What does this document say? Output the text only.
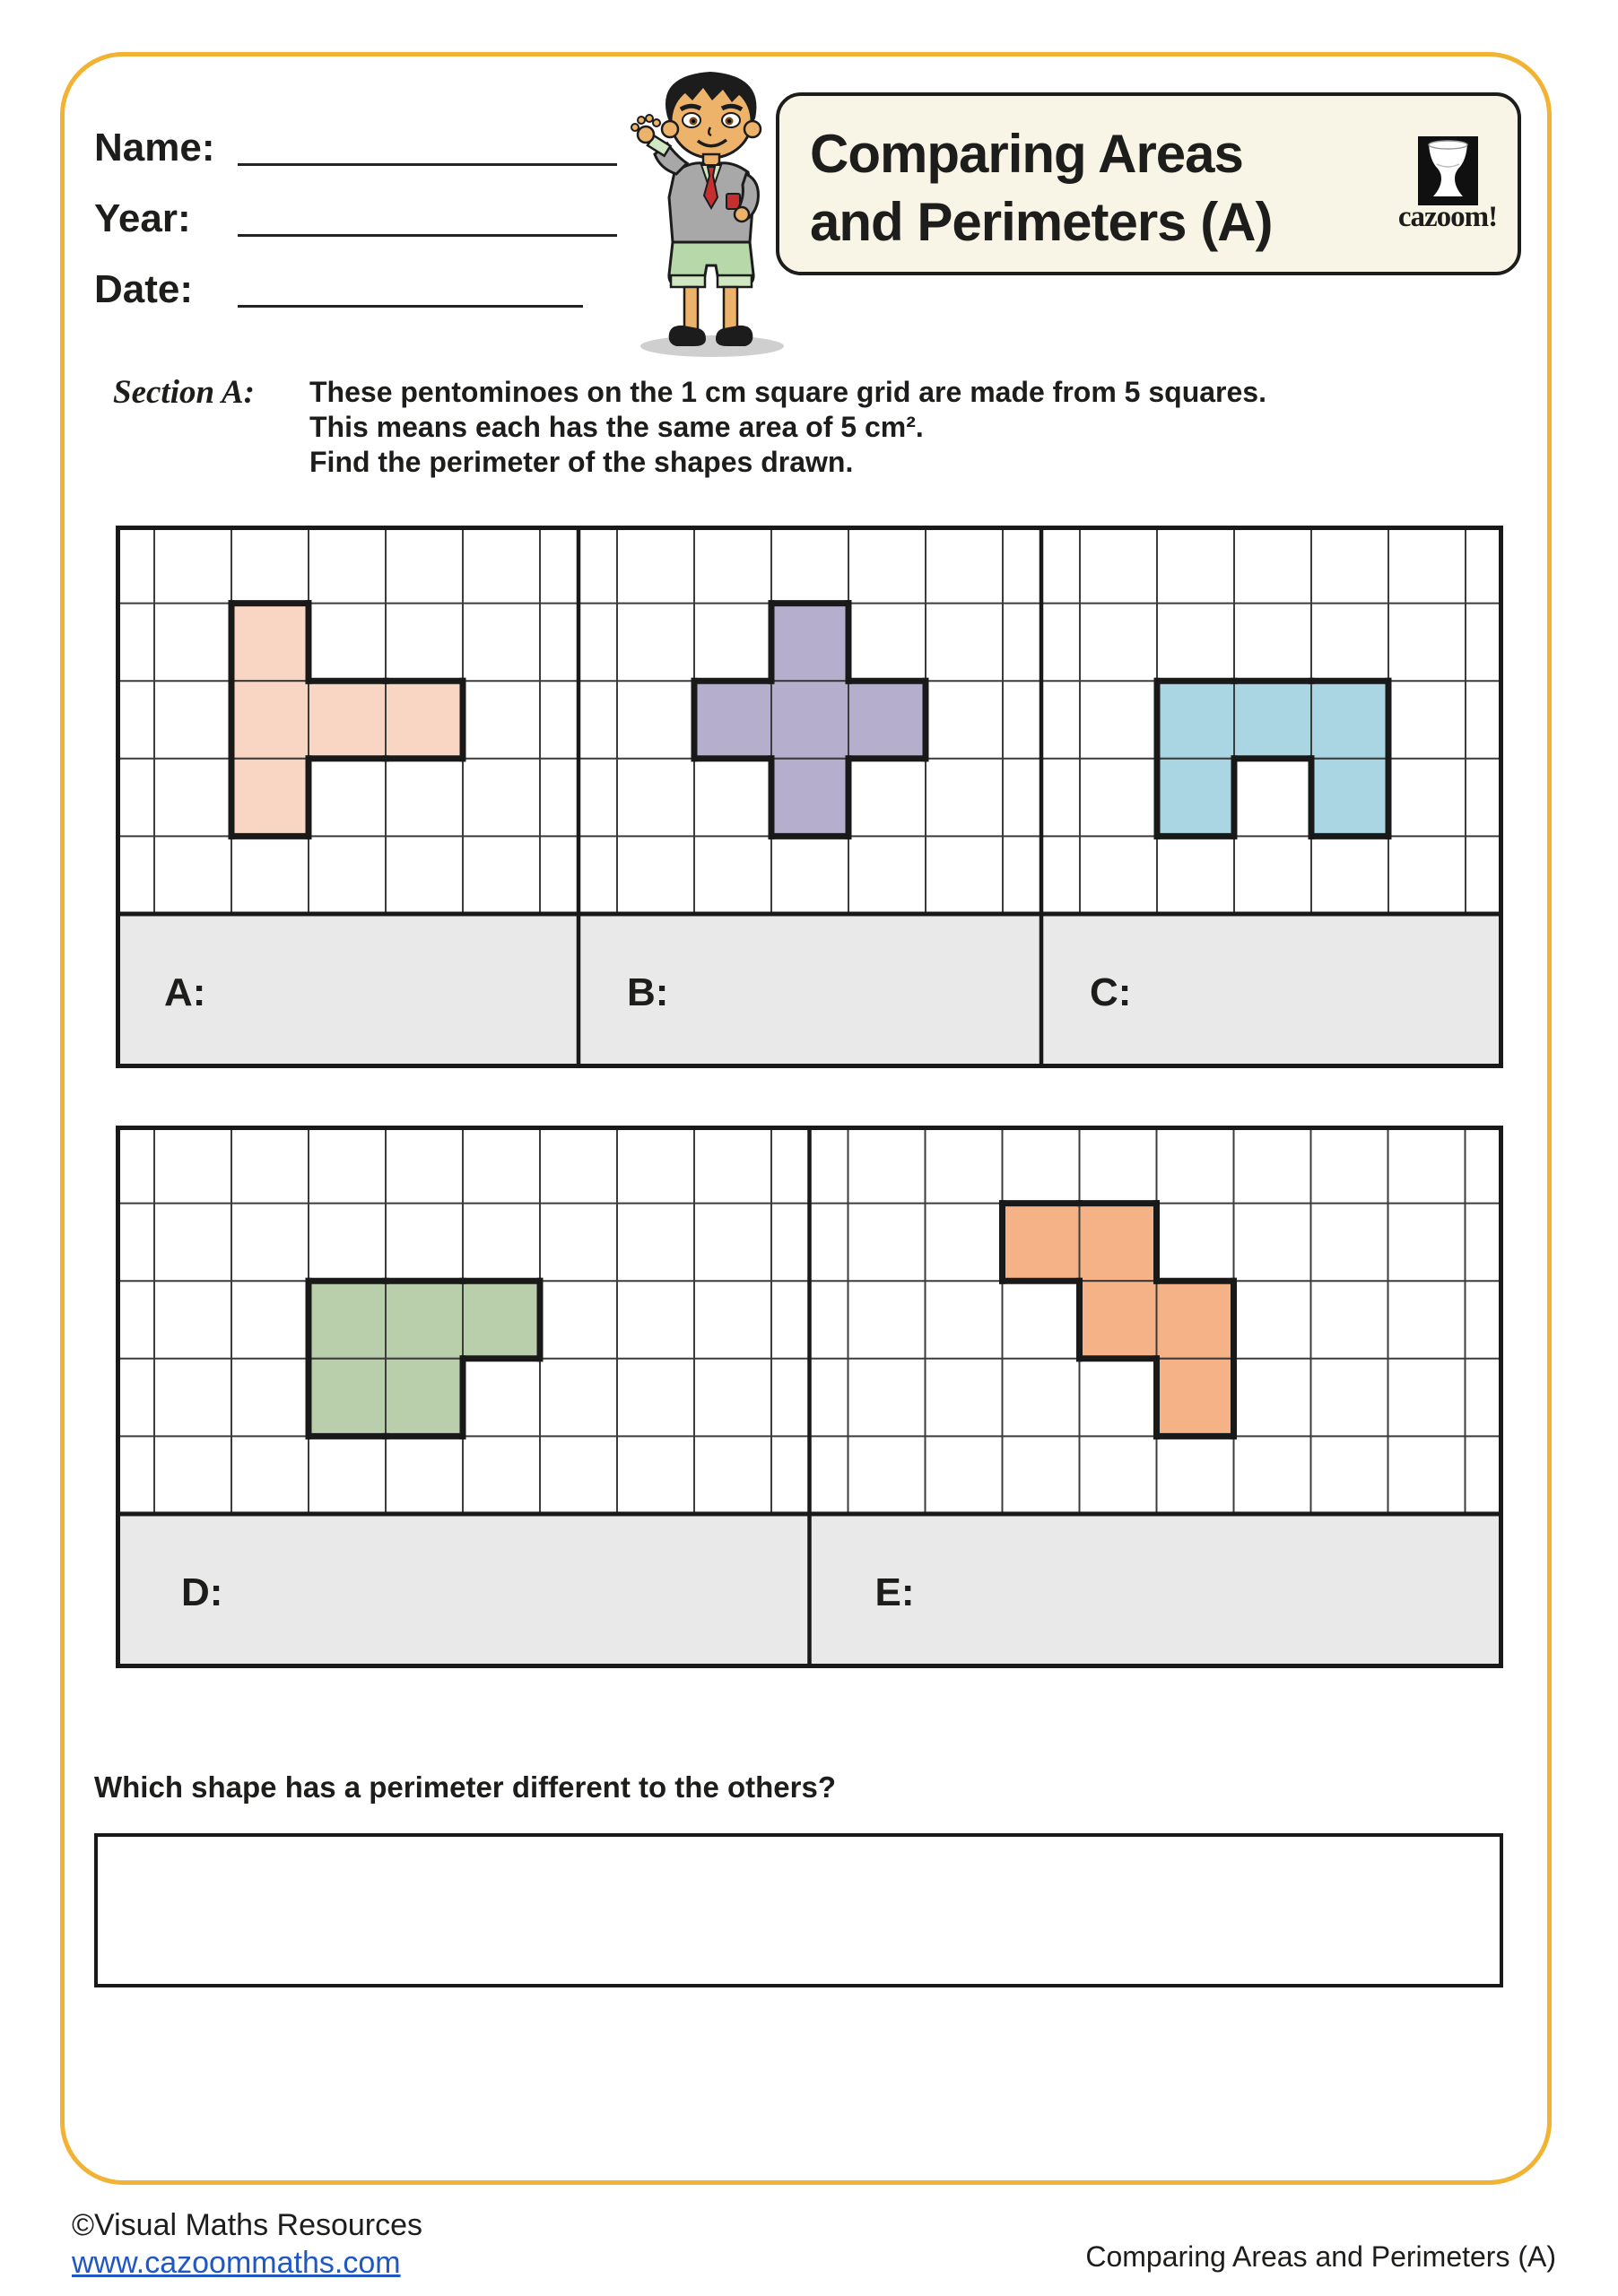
Name:
Year:
Date:
Comparing Areas
and Perimeters (A)	cazoom!
Section A: These pentominoes on the 1 cm square grid are made from 5 squares.
This means each has the same area of 5 cm².
Find the perimeter of the shapes drawn.
A:	B:	C:
D:	E:
Which shape has a perimeter different to the others?
©Visual Maths Resources
www.cazoommaths.com	Comparing Areas and Perimeters (A)
